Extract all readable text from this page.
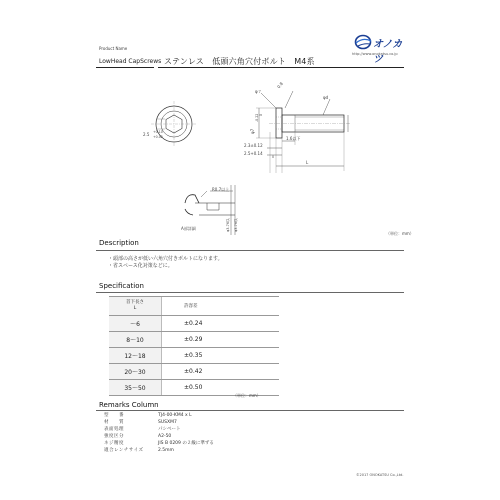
Product Name
LowHead CapScrews ステンレス　低頭六角穴付ボルト　M4系
オノカツ
http://www.onokatsu.co.jp
φ７
0.8
φd
2.5 +0.10
+0.02
φ7
-0.22 0
2.3±0.12
2.5+0.14
0
1.6以下
L
R0.7以上
A部詳細	φ3.76以 φ3.76以
（単位：mm）
Description
・頭部の高さが低い六角穴付きボルトになります。
・省スペース化対策などに。
Specification
首下長さ
L	許容差
～6	±0.24
8～10	±0.29
12～18	±0.35
20～30	±0.42
35～50	±0.50
（単位：mm）
Remarks Column
型　　番	TJ4-00-KM4 x L
材　　質	SUSXM7
表面処理	パシベート
強度区分	A2-50
ネジ精度	JIS B 0209 の２級に準ずる
適合レンチサイズ	2.5mm
©2017 ONOKATSU Co.,Ltd.
